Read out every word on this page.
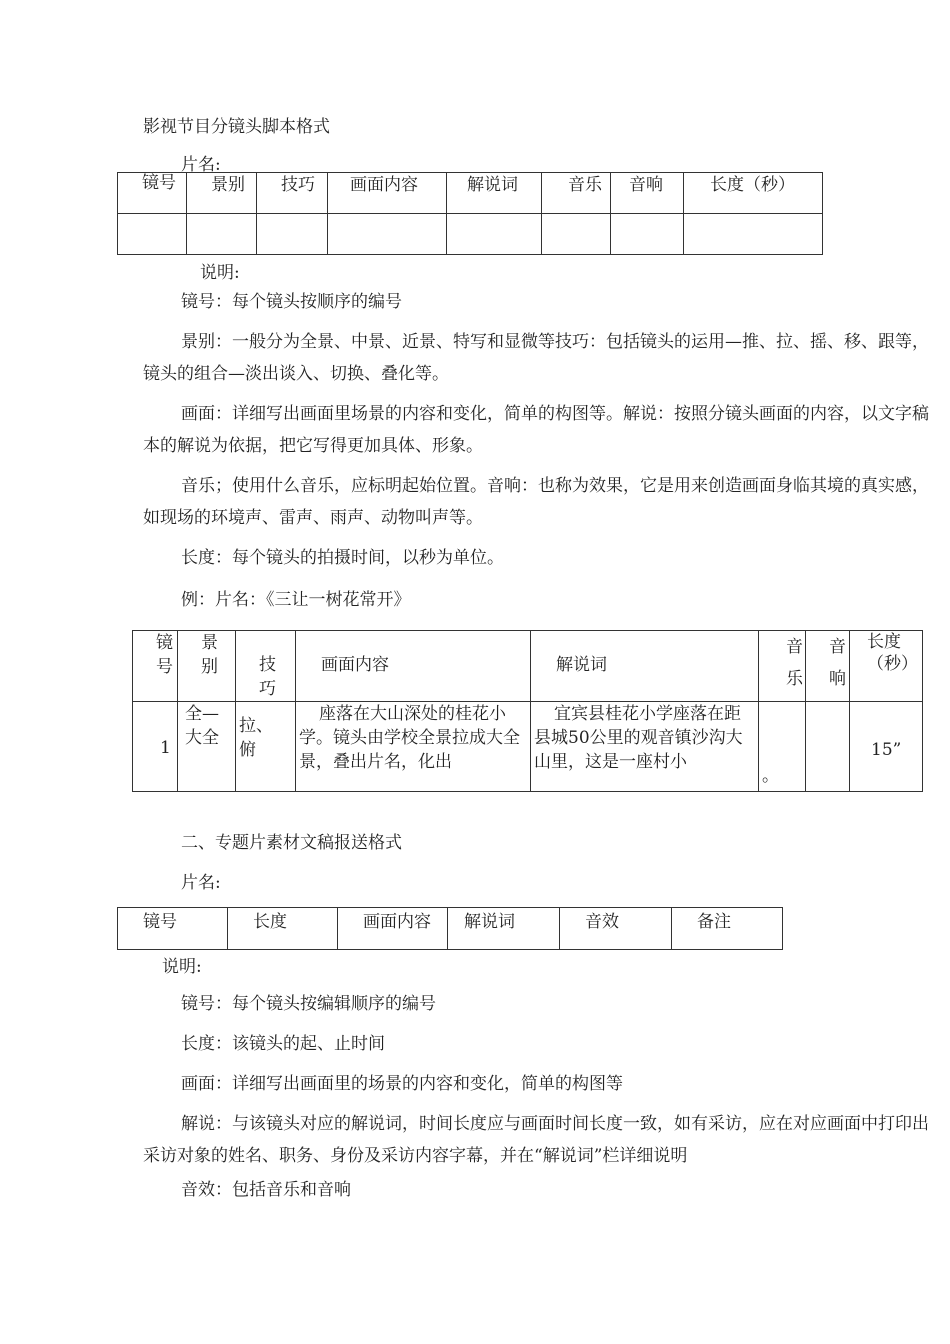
影视节目分镜头脚本格式
片名:
镜号	景别	技巧	画面内容	解说词	音乐	音响	长度（秒）

说明:
镜号：每个镜头按顺序的编号
景别：一般分为全景、中景、近景、特写和显微等技巧：包括镜头的运用—推、拉、摇、移、跟等，镜头的组合—淡出谈入、切换、叠化等。
画面：详细写出画面里场景的内容和变化，简单的构图等。解说：按照分镜头画面的内容，以文字稿本的解说为依据，把它写得更加具体、形象。
音乐；使用什么音乐，应标明起始位置。音响：也称为效果，它是用来创造画面身临其境的真实感，如现场的环境声、雷声、雨声、动物叫声等。
长度：每个镜头的拍摄时间，以秒为单位。
例：片名：《三让一树花常开》
镜号	景别	技巧	画面内容	解说词	音乐	音响	长度（秒）

1	全—大全	拉、俯	座落在大山深处的桂花小学。镜头由学校全景拉成大全景，叠出片名，化出	宜宾县桂花小学座落在距县城50公里的观音镇沙沟大山里，这是一座村小	。		15”
二、专题片素材文稿报送格式
片名:
镜号	长度	画面内容	解说词	音效	备注
说明:
镜号：每个镜头按编辑顺序的编号
长度：该镜头的起、止时间
画面：详细写出画面里的场景的内容和变化，简单的构图等
解说：与该镜头对应的解说词，时间长度应与画面时间长度一致，如有采访，应在对应画面中打印出采访对象的姓名、职务、身份及采访内容字幕，并在“解说词”栏详细说明
音效：包括音乐和音响
